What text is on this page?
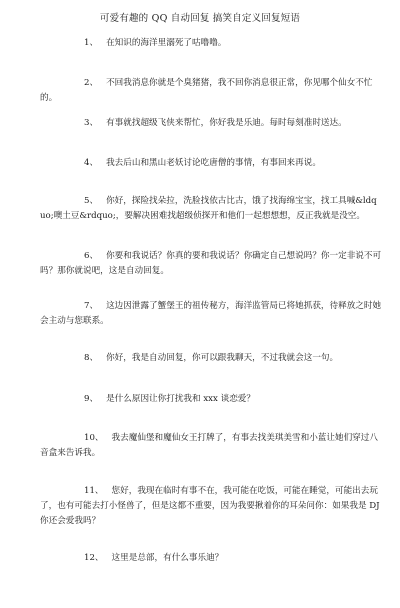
可爱有趣的 QQ 自动回复 搞笑自定义回复短语
1、 在知识的海洋里溺死了咕噜噜。
2、 不回我消息你就是个臭猪猪，我不回你消息很正常，你见哪个仙女不忙的。
3、 有事就找超级飞侠来帮忙，你好我是乐迪。每时每刻准时送达。
4、 我去后山和黑山老妖讨论吃唐僧的事情，有事回来再说。
5、 你好，探险找朵拉，洗脸找依古比古，饿了找海绵宝宝，找工具喊&ldquo;噢土豆&rdquo;，要解决困难找超级侦探开和他们一起想想想，反正我就是没空。
6、 你要和我说话？你真的要和我说话？你确定自己想说吗？你一定非说不可吗？那你就说吧，这是自动回复。
7、 这边因泄露了蟹堡王的祖传秘方，海洋监管局已将她抓获，待释放之时她会主动与您联系。
8、 你好，我是自动回复，你可以跟我聊天，不过我就会这一句。
9、 是什么原因让你打扰我和 xxx 谈恋爱？
10、 我去魔仙堡和魔仙女王打牌了，有事去找美琪美雪和小蓝让她们穿过八音盒来告诉我。
11、 您好，我现在临时有事不在，我可能在吃饭，可能在睡觉，可能出去玩了，也有可能去打小怪兽了，但是这都不重要，因为我要揪着你的耳朵问你：如果我是 DJ 你还会爱我吗？
12、 这里是总部，有什么事乐迪？
